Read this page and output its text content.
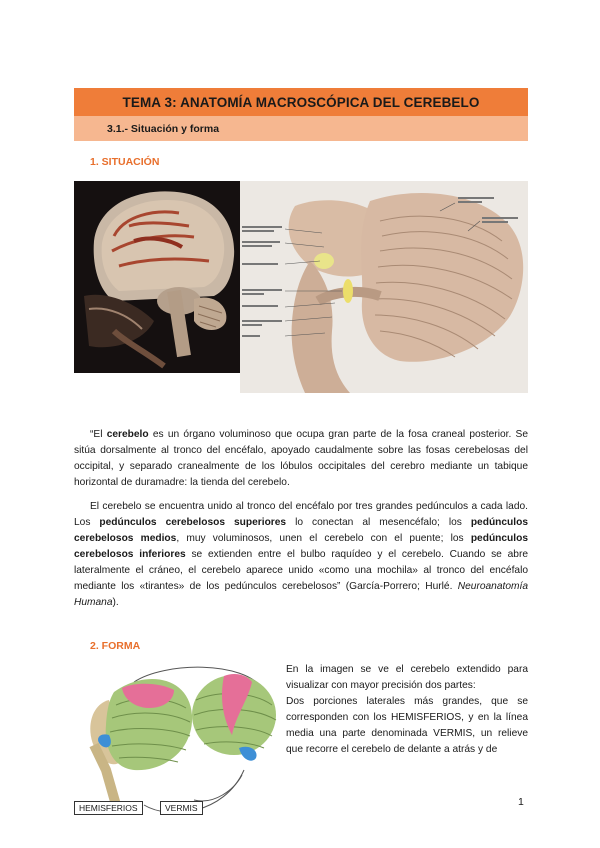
TEMA 3: ANATOMÍA MACROSCÓPICA DEL CEREBELO
3.1.- Situación y forma
1. SITUACIÓN

“El cerebelo es un órgano voluminoso que ocupa gran parte de la fosa craneal posterior. Se sitúa dorsalmente al tronco del encéfalo, apoyado caudalmente sobre las fosas cerebelosas del occipital, y separado cranealmente de los lóbulos occipitales del cerebro mediante un tabique horizontal de duramadre: la tienda del cerebelo.

El cerebelo se encuentra unido al tronco del encéfalo por tres grandes pedúnculos a cada lado. Los pedúnculos cerebelosos superiores lo conectan al mesencéfalo; los pedúnculos cerebelosos medios, muy voluminosos, unen el cerebelo con el puente; los pedúnculos cerebelosos inferiores se extienden entre el bulbo raquídeo y el cerebelo. Cuando se abre lateralmente el cráneo, el cerebelo aparece unido «como una mochila» al tronco del encéfalo mediante los «tirantes» de los pedúnculos cerebelosos” (García-Porrero; Hurlé. Neuroanatomía Humana).

2. FORMA
HEMISFERIOS	VERMIS

En la imagen se ve el cerebelo extendido para visualizar con mayor precisión dos partes:

Dos porciones laterales más grandes, que se corresponden con los HEMISFERIOS, y en la línea media una parte denominada VERMIS, un relieve que recorre el cerebelo de delante a atrás y de

1
